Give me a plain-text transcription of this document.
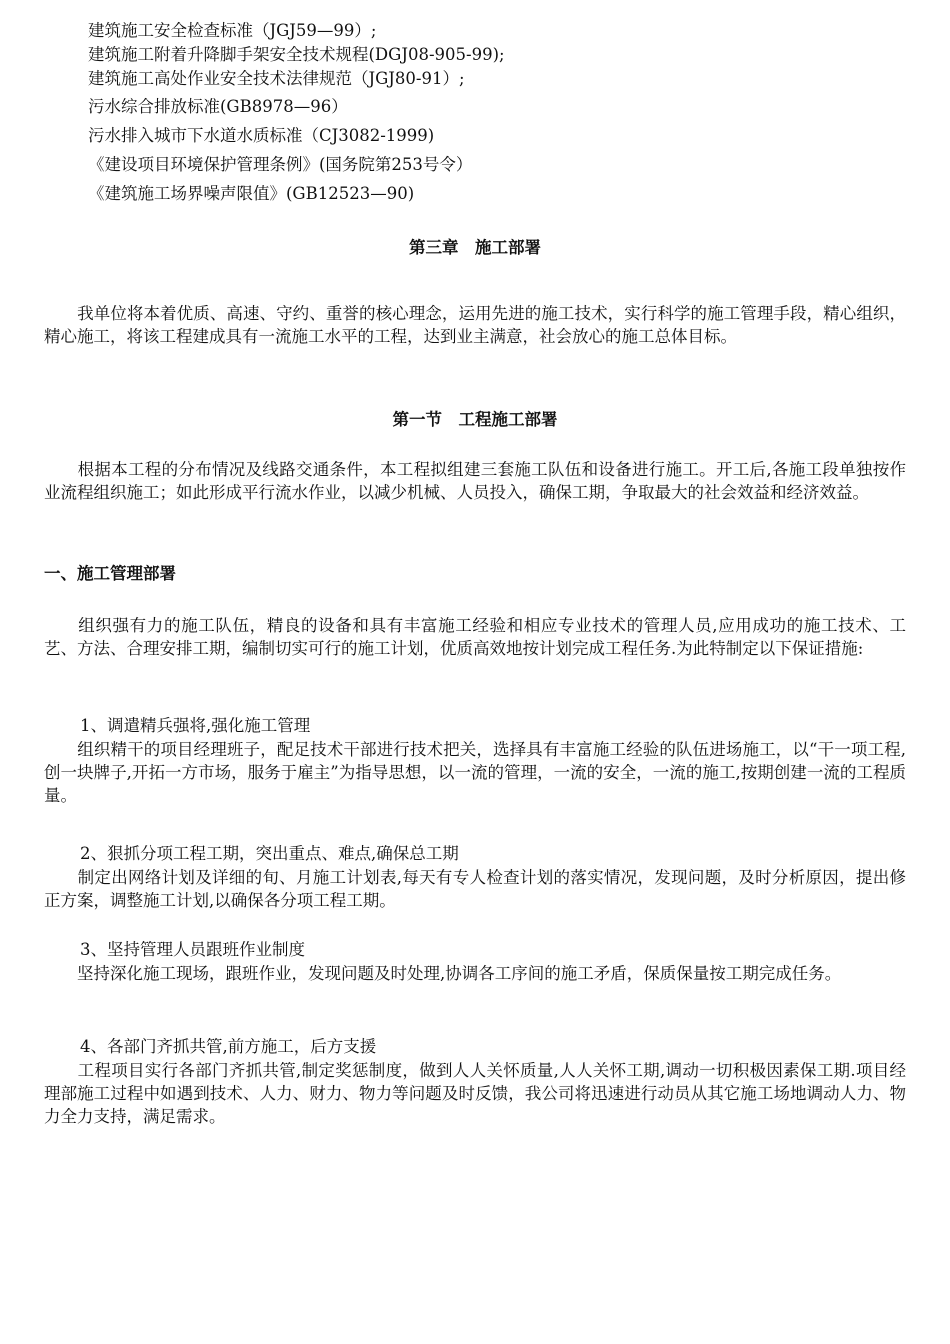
建筑施工安全检查标准（JGJ59—99）;
建筑施工附着升降脚手架安全技术规程(DGJ08-905-99);
建筑施工高处作业安全技术法律规范（JGJ80-91）;
污水综合排放标准(GB8978—96）
污水排入城市下水道水质标准（CJ3082-1999)
《建设项目环境保护管理条例》(国务院第253号令）
《建筑施工场界噪声限值》(GB12523—90)
第三章　施工部署
　　我单位将本着优质、高速、守约、重誉的核心理念，运用先进的施工技术，实行科学的施工管理手段，精心组织，精心施工，将该工程建成具有一流施工水平的工程，达到业主满意，社会放心的施工总体目标。
第一节　工程施工部署
　　根据本工程的分布情况及线路交通条件，本工程拟组建三套施工队伍和设备进行施工。开工后,各施工段单独按作业流程组织施工；如此形成平行流水作业，以减少机械、人员投入，确保工期，争取最大的社会效益和经济效益。
一、施工管理部署
　　组织强有力的施工队伍，精良的设备和具有丰富施工经验和相应专业技术的管理人员,应用成功的施工技术、工艺、方法、合理安排工期，编制切实可行的施工计划，优质高效地按计划完成工程任务.为此特制定以下保证措施:
1、调遣精兵强将,强化施工管理
　　组织精干的项目经理班子，配足技术干部进行技术把关，选择具有丰富施工经验的队伍进场施工，以“干一项工程,创一块牌子,开拓一方市场，服务于雇主”为指导思想，以一流的管理，一流的安全，一流的施工,按期创建一流的工程质量。
2、狠抓分项工程工期，突出重点、难点,确保总工期
　　制定出网络计划及详细的旬、月施工计划表,每天有专人检查计划的落实情况，发现问题，及时分析原因，提出修正方案，调整施工计划,以确保各分项工程工期。
3、坚持管理人员跟班作业制度
　　坚持深化施工现场，跟班作业，发现问题及时处理,协调各工序间的施工矛盾，保质保量按工期完成任务。
4、各部门齐抓共管,前方施工，后方支援
　　工程项目实行各部门齐抓共管,制定奖惩制度，做到人人关怀质量,人人关怀工期,调动一切积极因素保工期.项目经理部施工过程中如遇到技术、人力、财力、物力等问题及时反馈，我公司将迅速进行动员从其它施工场地调动人力、物力全力支持，满足需求。
